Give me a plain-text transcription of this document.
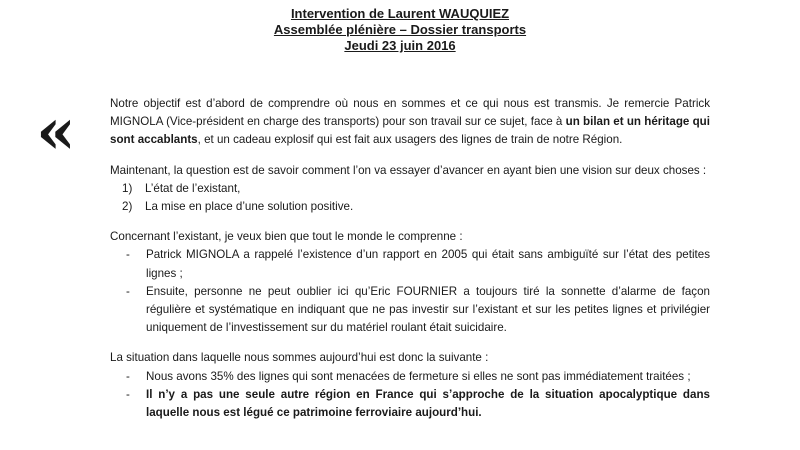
Intervention de Laurent WAUQUIEZ
Assemblée plénière – Dossier transports
Jeudi 23 juin 2016
«	Notre objectif est d’abord de comprendre où nous en sommes et ce qui nous est transmis. Je remercie Patrick MIGNOLA (Vice-président en charge des transports) pour son travail sur ce sujet, face à un bilan et un héritage qui sont accablants, et un cadeau explosif qui est fait aux usagers des lignes de train de notre Région.

Maintenant, la question est de savoir comment l’on va essayer d’avancer en ayant bien une vision sur deux choses :

1) L’état de l’existant,
2) La mise en place d’une solution positive.

Concernant l’existant, je veux bien que tout le monde le comprenne :

- Patrick MIGNOLA a rappelé l’existence d’un rapport en 2005 qui était sans ambiguïté sur l’état des petites lignes ;
- Ensuite, personne ne peut oublier ici qu’Eric FOURNIER a toujours tiré la sonnette d’alarme de façon régulière et systématique en indiquant que ne pas investir sur l’existant et sur les petites lignes et privilégier uniquement de l’investissement sur du matériel roulant était suicidaire.

La situation dans laquelle nous sommes aujourd’hui est donc la suivante :

- Nous avons 35% des lignes qui sont menacées de fermeture si elles ne sont pas immédiatement traitées ;
- Il n’y a pas une seule autre région en France qui s’approche de la situation apocalyptique dans laquelle nous est légué ce patrimoine ferroviaire aujourd’hui.
